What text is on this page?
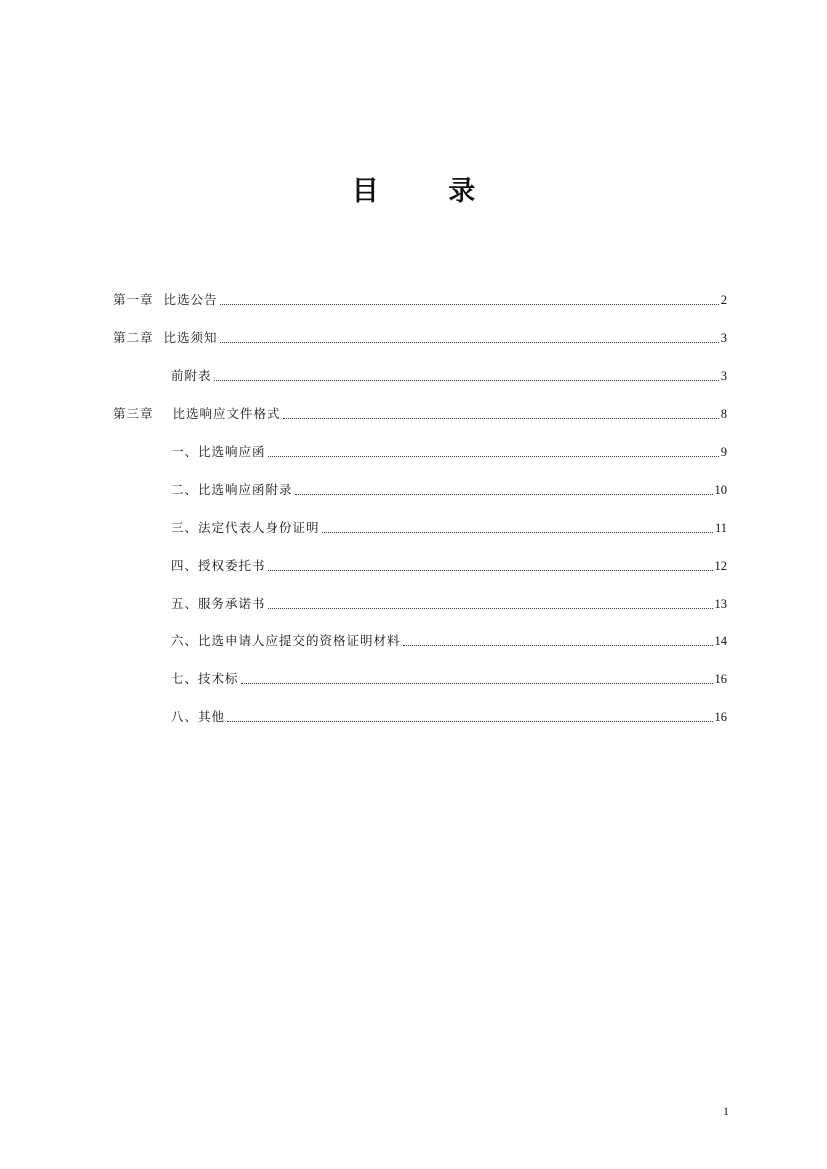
目 录
第一章 比选公告	2
第二章 比选须知	3
前附表	3
第三章 比选响应文件格式	8
一、比选响应函	9
二、比选响应函附录	10
三、法定代表人身份证明	11
四、授权委托书	12
五、服务承诺书	13
六、比选申请人应提交的资格证明材料	14
七、技术标	16
八、其他	16
1
